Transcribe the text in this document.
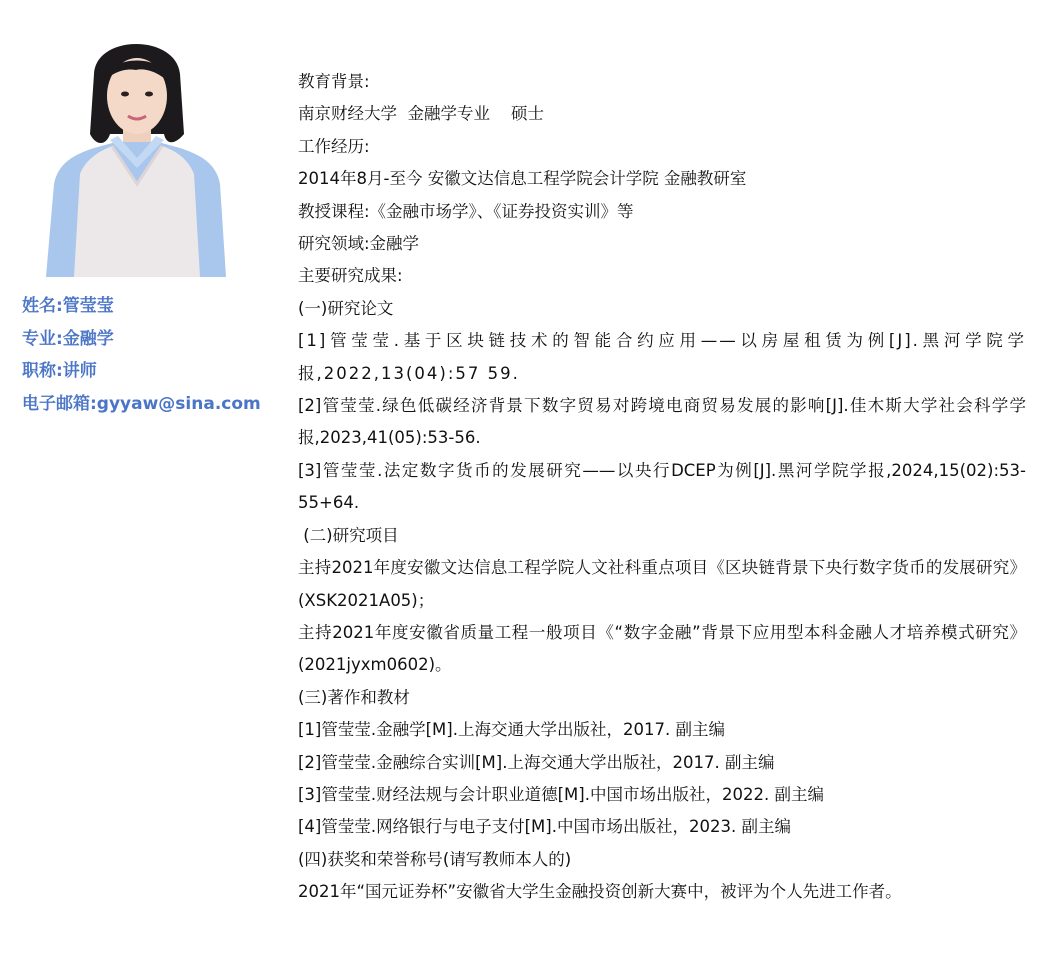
姓名:管莹莹
专业:金融学
职称:讲师
电子邮箱:gyyaw@sina.com

教育背景:

南京财经大学  金融学专业    硕士

工作经历:

2014年8月-至今 安徽文达信息工程学院会计学院 金融教研室

教授课程:《金融市场学》、《证券投资实训》等

研究领域:金融学

主要研究成果:

(一)研究论文

[1]管莹莹.基于区块链技术的智能合约应用——以房屋租赁为例[J].黑河学院学报,2022,13(04):57 59.

[2]管莹莹.绿色低碳经济背景下数字贸易对跨境电商贸易发展的影响[J].佳木斯大学社会科学学报,2023,41(05):53-56.

[3]管莹莹.法定数字货币的发展研究——以央行DCEP为例[J].黑河学院学报,2024,15(02):53-55+64.

(二)研究项目

主持2021年度安徽文达信息工程学院人文社科重点项目《区块链背景下央行数字货币的发展研究》(XSK2021A05)；

主持2021年度安徽省质量工程一般项目《“数字金融”背景下应用型本科金融人才培养模式研究》(2021jyxm0602)。

(三)著作和教材

[1]管莹莹.金融学[M].上海交通大学出版社，2017. 副主编

[2]管莹莹.金融综合实训[M].上海交通大学出版社，2017. 副主编

[3]管莹莹.财经法规与会计职业道德[M].中国市场出版社，2022. 副主编

[4]管莹莹.网络银行与电子支付[M].中国市场出版社，2023. 副主编

(四)获奖和荣誉称号(请写教师本人的)

2021年“国元证券杯”安徽省大学生金融投资创新大赛中，被评为个人先进工作者。
